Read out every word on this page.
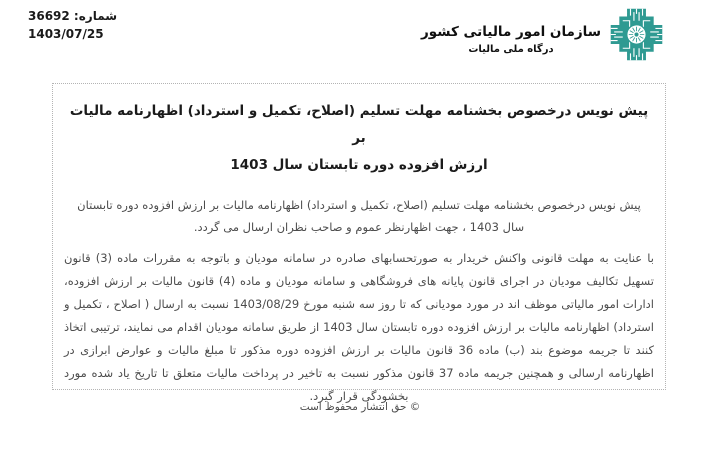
شماره: 36692
1403/07/25	سازمان امور مالیاتی کشور
درگاه ملی مالیات
پیش نویس درخصوص بخشنامه مهلت تسلیم (اصلاح، تکمیل و استرداد) اظهارنامه مالیات بر
ارزش افزوده دوره تابستان سال 1403
پیش نویس درخصوص بخشنامه مهلت تسلیم (اصلاح، تکمیل و استرداد) اظهارنامه مالیات بر ارزش افزوده دوره تابستان سال 1403 ، جهت اظهارنظر عموم و صاحب نظران ارسال می گردد.
با عنایت به مهلت قانونی واکنش خریدار به صورتحسابهای صادره در سامانه مودیان و باتوجه به مقررات ماده (3) قانون تسهیل تکالیف مودیان در اجرای قانون پایانه های فروشگاهی و سامانه مودیان و ماده (4) قانون مالیات بر ارزش افزوده، ادارات امور مالیاتی موظف اند در مورد مودیانی که تا روز سه شنبه مورخ 1403/08/29 نسبت به ارسال ( اصلاح ، تکمیل و استرداد) اظهارنامه مالیات بر ارزش افزوده دوره تابستان سال 1403 از طریق سامانه مودیان اقدام می نمایند، ترتیبی اتخاذ کنند تا جریمه موضوع بند (ب) ماده 36 قانون مالیات بر ارزش افزوده دوره مذکور تا مبلغ مالیات و عوارض ابرازی در اظهارنامه ارسالی و همچنین جریمه ماده 37 قانون مذکور نسبت به تاخیر در پرداخت مالیات متعلق تا تاریخ یاد شده مورد بخشودگی قرار گیرد.
© حق انتشار محفوظ است
